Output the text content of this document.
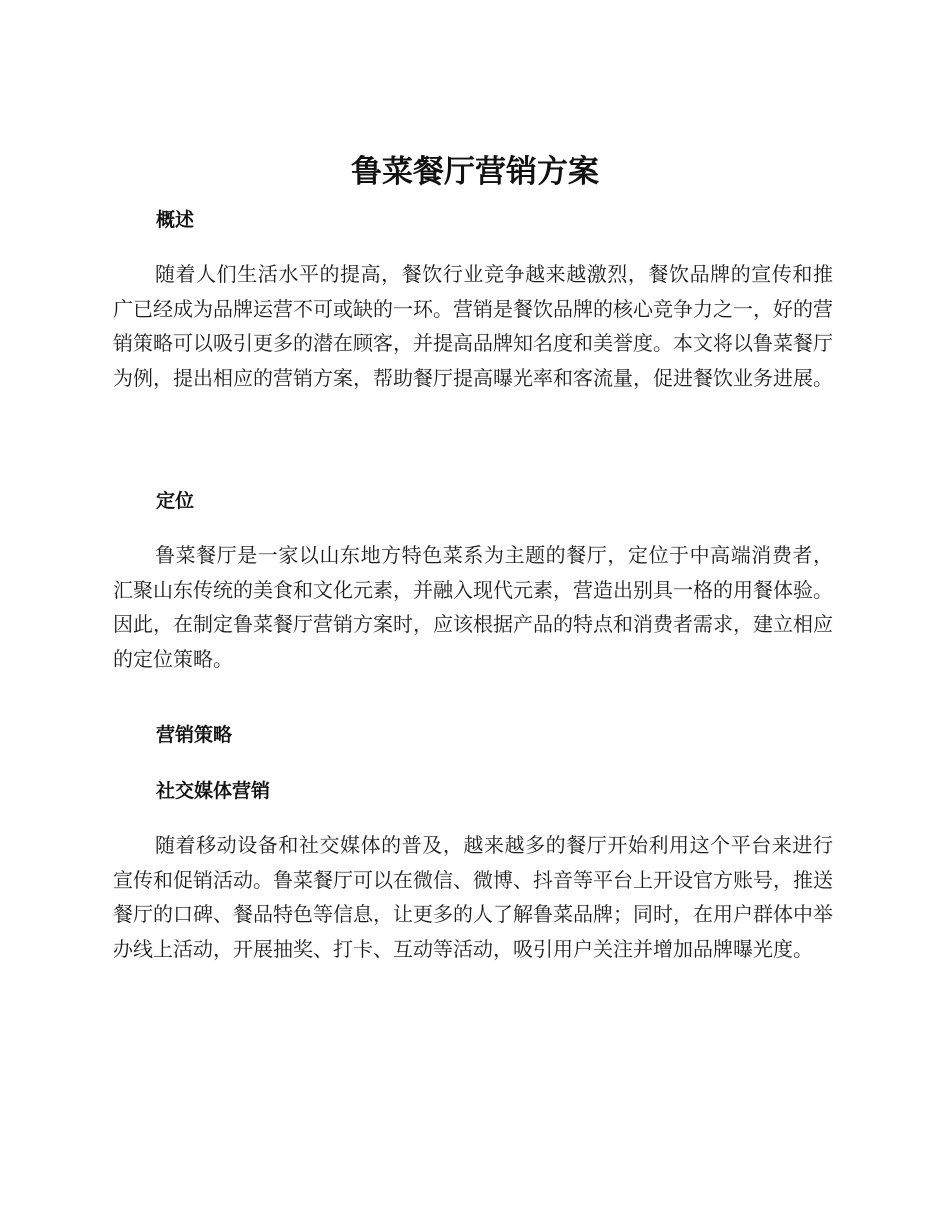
鲁菜餐厅营销方案
概述

随着人们生活水平的提高，餐饮行业竞争越来越激烈，餐饮品牌的宣传和推广已经成为品牌运营不可或缺的一环。营销是餐饮品牌的核心竞争力之一，好的营销策略可以吸引更多的潜在顾客，并提高品牌知名度和美誉度。本文将以鲁菜餐厅为例，提出相应的营销方案，帮助餐厅提高曝光率和客流量，促进餐饮业务进展。

定位

鲁菜餐厅是一家以山东地方特色菜系为主题的餐厅，定位于中高端消费者，汇聚山东传统的美食和文化元素，并融入现代元素，营造出别具一格的用餐体验。因此，在制定鲁菜餐厅营销方案时，应该根据产品的特点和消费者需求，建立相应的定位策略。

营销策略
社交媒体营销

随着移动设备和社交媒体的普及，越来越多的餐厅开始利用这个平台来进行宣传和促销活动。鲁菜餐厅可以在微信、微博、抖音等平台上开设官方账号，推送餐厅的口碑、餐品特色等信息，让更多的人了解鲁菜品牌；同时，在用户群体中举办线上活动，开展抽奖、打卡、互动等活动，吸引用户关注并增加品牌曝光度。
